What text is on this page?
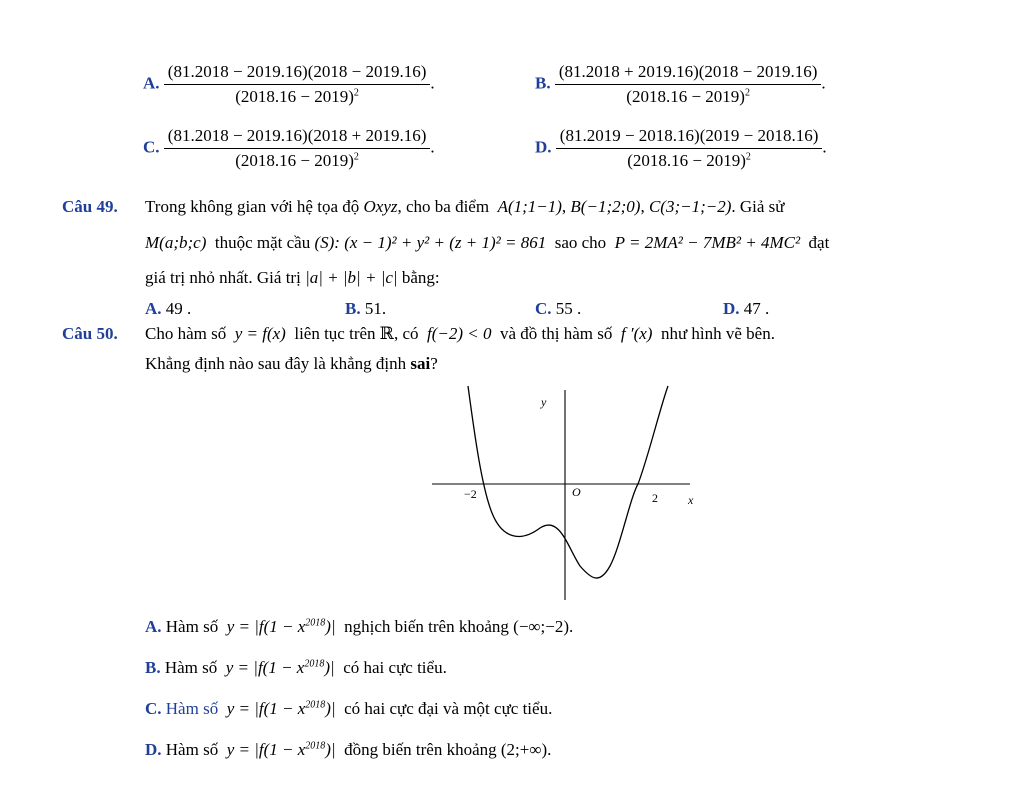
A. $\frac{(81.2018 - 2019.16)(2018 - 2019.16)}{(2018.16 - 2019)^2}$ .	B. $\frac{(81.2018 + 2019.16)(2018 - 2019.16)}{(2018.16 - 2019)^2}$ .
C. $\frac{(81.2018 - 2019.16)(2018 + 2019.16)}{(2018.16 - 2019)^2}$ .	D. $\frac{(81.2019 - 2018.16)(2019 - 2018.16)}{(2018.16 - 2019)^2}$ .
Câu 49. Trong không gian với hệ tọa độ Oxyz, cho ba điểm A(1;1−1), B(−1;2;0), C(3;−1;−2). Giả sử
M(a;b;c) thuộc mặt cầu (S): (x − 1)² + y² + (z + 1)² = 861 sao cho P = 2MA² − 7MB² + 4MC² đạt
giá trị nhỏ nhất. Giá trị |a| + |b| + |c| bằng:
A. 49 .	B. 51.	C. 55 .	D. 47 .
Câu 50. Cho hàm số y = f(x) liên tục trên ℝ, có f(−2) < 0 và đồ thị hàm số f ′(x) như hình vẽ bên.
Khẳng định nào sau đây là khẳng định sai?
y
x
O
−2	2
A. Hàm số $y = |f(1 - x^{2018})|$ nghịch biến trên khoảng (−∞;−2).
B. Hàm số $y = |f(1 - x^{2018})|$ có hai cực tiểu.
C. Hàm số $y = |f(1 - x^{2018})|$ có hai cực đại và một cực tiểu.
D. Hàm số $y = |f(1 - x^{2018})|$ đồng biến trên khoảng (2;+∞).
